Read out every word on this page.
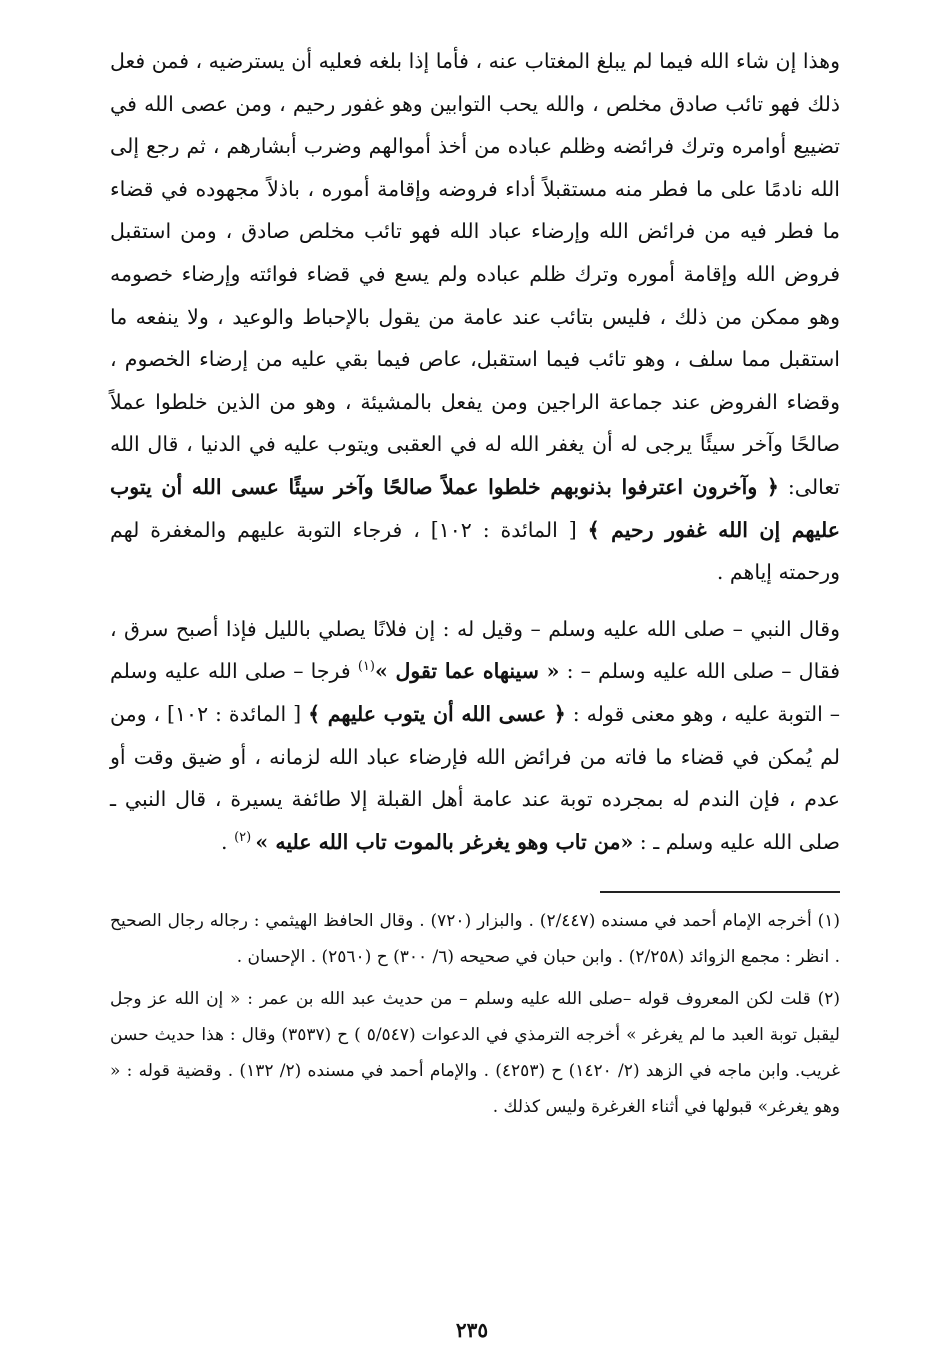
وهذا إن شاء الله فيما لم يبلغ المغتاب عنه ، فأما إذا بلغه فعليه أن يسترضيه ، فمن فعل ذلك فهو تائب صادق مخلص ، والله يحب التوابين وهو غفور رحيم ، ومن عصى الله في تضييع أوامره وترك فرائضه وظلم عباده من أخذ أموالهم وضرب أبشارهم ، ثم رجع إلى الله نادمًا على ما فطر منه مستقبلاً أداء فروضه وإقامة أموره ، باذلاً مجهوده في قضاء ما فطر فيه من فرائض الله وإرضاء عباد الله فهو تائب مخلص صادق ، ومن استقبل فروض الله وإقامة أموره وترك ظلم عباده ولم يسع في قضاء فوائته وإرضاء خصومه وهو ممكن من ذلك ، فليس بتائب عند عامة من يقول بالإحباط والوعيد ، ولا ينفعه ما استقبل مما سلف ، وهو تائب فيما استقبل، عاص فيما بقي عليه من إرضاء الخصوم ، وقضاء الفروض عند جماعة الراجين ومن يفعل بالمشيئة ، وهو من الذين خلطوا عملاً صالحًا وآخر سيئًا يرجى له أن يغفر الله له في العقبى ويتوب عليه في الدنيا ، قال الله تعالى: ﴿ وآخرون اعترفوا بذنوبهم خلطوا عملاً صالحًا وآخر سيئًا عسى الله أن يتوب عليهم إن الله غفور رحيم ﴾ [ المائدة : ١٠٢] ، فرجاء التوبة عليهم والمغفرة لهم ورحمته إياهم .

وقال النبي – صلى الله عليه وسلم – وقيل له : إن فلانًا يصلي بالليل فإذا أصبح سرق ، فقال – صلى الله عليه وسلم – : « سينهاه عما تقول »$^{(١)}$ فرجا – صلى الله عليه وسلم – التوبة عليه ، وهو معنى قوله : ﴿ عسى الله أن يتوب عليهم ﴾ [ المائدة : ١٠٢] ، ومن لم يُمكن في قضاء ما فاته من فرائض الله فإرضاء عباد الله لزمانه ، أو ضيق وقت أو عدم ، فإن الندم له بمجرده توبة عند عامة أهل القبلة إلا طائفة يسيرة ، قال النبي ـ صلى الله عليه وسلم ـ : «من تاب وهو يغرغر بالموت تاب الله عليه » $^{(٢)}$ .

(١) أخرجه الإمام أحمد في مسنده (٢/٤٤٧) . والبزار (٧٢٠) . وقال الحافظ الهيثمي : رجاله رجال الصحيح . انظر : مجمع الزوائد (٢/٢٥٨) . وابن حبان في صحيحه (٦/ ٣٠٠) ح (٢٥٦٠) . الإحسان .

(٢) قلت لكن المعروف قوله –صلى الله عليه وسلم – من حديث عبد الله بن عمر : « إن الله عز وجل ليقبل توبة العبد ما لم يغرغر » أخرجه الترمذي في الدعوات (٥/٥٤٧ ) ح (٣٥٣٧) وقال : هذا حديث حسن غريب. وابن ماجه في الزهد (٢/ ١٤٢٠) ح (٤٢٥٣) . والإمام أحمد في مسنده (٢/ ١٣٢) . وقضية قوله : « وهو يغرغر» قبولها في أثناء الغرغرة وليس كذلك .

٢٣٥
